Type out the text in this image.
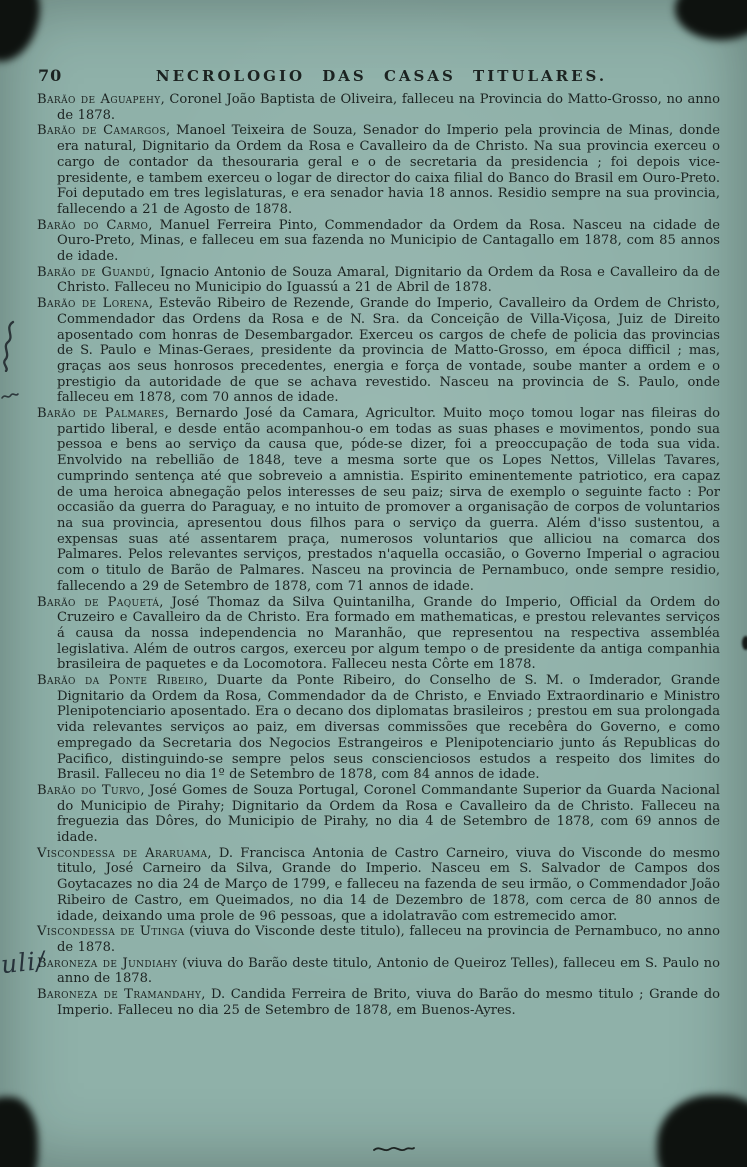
70	NECROLOGIO DAS CASAS TITULARES.

Barão de Aguapehy, Coronel João Baptista de Oliveira, falleceu na Provincia do Matto-Grosso, no anno de 1878.

Barão de Camargos, Manoel Teixeira de Souza, Senador do Imperio pela provincia de Minas, donde era natural, Dignitario da Ordem da Rosa e Cavalleiro da de Christo. Na sua provincia exerceu o cargo de contador da thesouraria geral e o de secretaria da presidencia ; foi depois vice-presidente, e tambem exerceu o logar de director do caixa filial do Banco do Brasil em Ouro-Preto. Foi deputado em tres legislaturas, e era senador havia 18 annos. Residio sempre na sua provincia, fallecendo a 21 de Agosto de 1878.

Barão do Carmo, Manuel Ferreira Pinto, Commendador da Ordem da Rosa. Nasceu na cidade de Ouro-Preto, Minas, e falleceu em sua fazenda no Municipio de Cantagallo em 1878, com 85 annos de idade.

Barão de Guandú, Ignacio Antonio de Souza Amaral, Dignitario da Ordem da Rosa e Cavalleiro da de Christo. Falleceu no Municipio do Iguassú a 21 de Abril de 1878.

Barão de Lorena, Estevão Ribeiro de Rezende, Grande do Imperio, Cavalleiro da Ordem de Christo, Commendador das Ordens da Rosa e de N. Sra. da Conceição de Villa-Viçosa, Juiz de Direito aposentado com honras de Desembargador. Exerceu os cargos de chefe de policia das provincias de S. Paulo e Minas-Geraes, presidente da provincia de Matto-Grosso, em época difficil ; mas, graças aos seus honrosos precedentes, energia e força de vontade, soube manter a ordem e o prestigio da autoridade de que se achava revestido. Nasceu na provincia de S. Paulo, onde falleceu em 1878, com 70 annos de idade.

Barão de Palmares, Bernardo José da Camara, Agricultor. Muito moço tomou logar nas fileiras do partido liberal, e desde então acompanhou-o em todas as suas phases e movimentos, pondo sua pessoa e bens ao serviço da causa que, póde-se dizer, foi a preoccupação de toda sua vida. Envolvido na rebellião de 1848, teve a mesma sorte que os Lopes Nettos, Villelas Tavares, cumprindo sentença até que sobreveio a amnistia. Espirito eminentemente patriotico, era capaz de uma heroica abnegação pelos interesses de seu paiz; sirva de exemplo o seguinte facto : Por occasião da guerra do Paraguay, e no intuito de promover a organisação de corpos de voluntarios na sua provincia, apresentou dous filhos para o serviço da guerra. Além d'isso sustentou, a expensas suas até assentarem praça, numerosos voluntarios que alliciou na comarca dos Palmares. Pelos relevantes serviços, prestados n'aquella occasião, o Governo Imperial o agraciou com o titulo de Barão de Palmares. Nasceu na provincia de Pernambuco, onde sempre residio, fallecendo a 29 de Setembro de 1878, com 71 annos de idade.

Barão de Paquetá, José Thomaz da Silva Quintanilha, Grande do Imperio, Official da Ordem do Cruzeiro e Cavalleiro da de Christo. Era formado em mathematicas, e prestou relevantes serviços á causa da nossa independencia no Maranhão, que representou na respectiva assembléa legislativa. Além de outros cargos, exerceu por algum tempo o de presidente da antiga companhia brasileira de paquetes e da Locomotora. Falleceu nesta Côrte em 1878.

Barão da Ponte Ribeiro, Duarte da Ponte Ribeiro, do Conselho de S. M. o Imderador, Grande Dignitario da Ordem da Rosa, Commendador da de Christo, e Enviado Extraordinario e Ministro Plenipotenciario aposentado. Era o decano dos diplomatas brasileiros ; prestou em sua prolongada vida relevantes serviços ao paiz, em diversas commissões que recebêra do Governo, e como empregado da Secretaria dos Negocios Estrangeiros e Plenipotenciario junto ás Republicas do Pacifico, distinguindo-se sempre pelos seus conscienciosos estudos a respeito dos limites do Brasil. Falleceu no dia 1º de Setembro de 1878, com 84 annos de idade.

Barão do Turvo, José Gomes de Souza Portugal, Coronel Commandante Superior da Guarda Nacional do Municipio de Pirahy; Dignitario da Ordem da Rosa e Cavalleiro da de Christo. Falleceu na freguezia das Dôres, do Municipio de Pirahy, no dia 4 de Setembro de 1878, com 69 annos de idade.

Viscondessa de Araruama, D. Francisca Antonia de Castro Carneiro, viuva do Visconde do mesmo titulo, José Carneiro da Silva, Grande do Imperio. Nasceu em S. Salvador de Campos dos Goytacazes no dia 24 de Março de 1799, e falleceu na fazenda de seu irmão, o Commendador João Ribeiro de Castro, em Queimados, no dia 14 de Dezembro de 1878, com cerca de 80 annos de idade, deixando uma prole de 96 pessoas, que a idolatravão com estremecido amor.

Viscondessa de Utinga (viuva do Visconde deste titulo), falleceu na provincia de Pernambuco, no anno de 1878.

Baroneza de Jundiahy (viuva do Barão deste titulo, Antonio de Queiroz Telles), falleceu em S. Paulo no anno de 1878.

Baroneza de Tramandahy, D. Candida Ferreira de Brito, viuva do Barão do mesmo titulo ; Grande do Imperio. Falleceu no dia 25 de Setembro de 1878, em Buenos-Ayres.

uli/
